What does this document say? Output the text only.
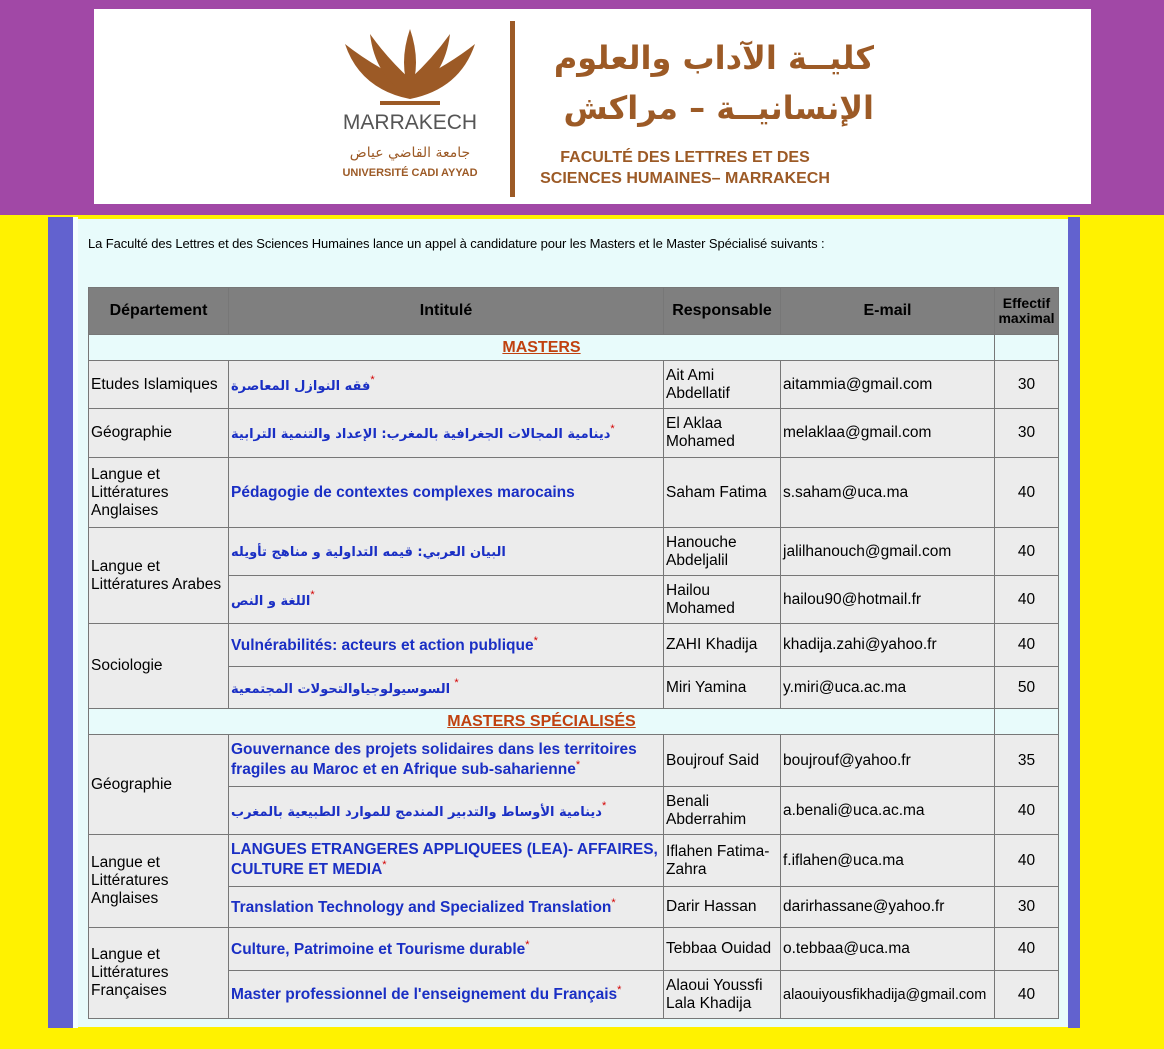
MARRAKECH
جامعة القاضي عياض
UNIVERSITÉ CADI AYYAD
كليــة الآداب والعلوم
الإنسانيــة – مراكش
FACULTÉ DES LETTRES ET DES
SCIENCES HUMAINES– MARRAKECH
La Faculté des Lettres et des Sciences Humaines lance un appel à candidature pour les Masters et le Master Spécialisé suivants :
Département	Intitulé	Responsable	E-mail	Effectif maximal
MASTERS				
Etudes Islamiques	فقه النوازل المعاصرة*	Ait Ami Abdellatif	aitammia@gmail.com	30
Géographie	دينامية المجالات الجغرافية بالمغرب: الإعداد والتنمية الترابية*	El Aklaa Mohamed	melaklaa@gmail.com	30
Langue et Littératures Anglaises	Pédagogie de contextes complexes marocains	Saham Fatima	s.saham@uca.ma	40
Langue et Littératures Arabes	البيان العربي: قيمه التداولية و مناهج تأويله	Hanouche Abdeljalil	jalilhanouch@gmail.com	40
	اللغة و النص*	Hailou Mohamed	hailou90@hotmail.fr	40
Sociologie	Vulnérabilités: acteurs et action publique*	ZAHI Khadija	khadija.zahi@yahoo.fr	40
	السوسيولوجياوالتحولات المجتمعية *	Miri Yamina	y.miri@uca.ac.ma	50
MASTERS SPÉCIALISÉS				
Géographie	Gouvernance des projets solidaires dans les territoires fragiles au Maroc et en Afrique sub-saharienne*	Boujrouf Said	boujrouf@yahoo.fr	35
	دينامية الأوساط والتدبير المندمج للموارد الطبيعية بالمغرب*	Benali Abderrahim	a.benali@uca.ac.ma	40
Langue et Littératures Anglaises	LANGUES ETRANGERES APPLIQUEES (LEA)- AFFAIRES, CULTURE ET MEDIA*	Iflahen Fatima-Zahra	f.iflahen@uca.ma	40
	Translation Technology and Specialized Translation*	Darir Hassan	darirhassane@yahoo.fr	30
Langue et Littératures Françaises	Culture, Patrimoine et Tourisme durable*	Tebbaa Ouidad	o.tebbaa@uca.ma	40
	Master professionnel de l'enseignement du Français*	Alaoui Youssfi Lala Khadija	alaouiyousfikhadija@gmail.com	40
